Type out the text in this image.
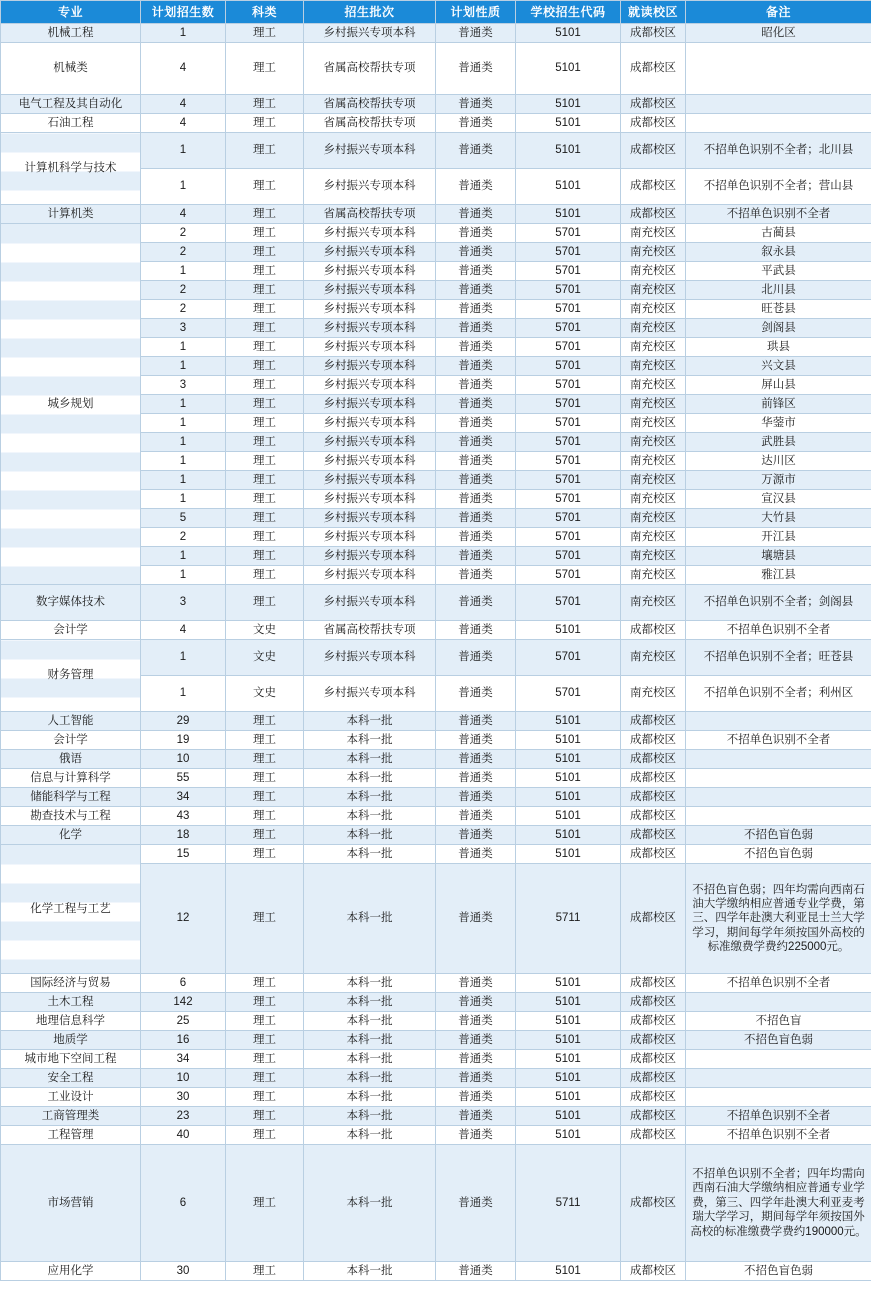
专业	计划招生数	科类	招生批次	计划性质	学校招生代码	就读校区	备注
机械工程	1	理工	乡村振兴专项本科	普通类	5101	成都校区	昭化区
机械类	4	理工	省属高校帮扶专项	普通类	5101	成都校区	
电气工程及其自动化	4	理工	省属高校帮扶专项	普通类	5101	成都校区	
石油工程	4	理工	省属高校帮扶专项	普通类	5101	成都校区	
计算机科学与技术	1	理工	乡村振兴专项本科	普通类	5101	成都校区	不招单色识别不全者；北川县
	1	理工	乡村振兴专项本科	普通类	5101	成都校区	不招单色识别不全者；营山县
计算机类	4	理工	省属高校帮扶专项	普通类	5101	成都校区	不招单色识别不全者
城乡规划	2	理工	乡村振兴专项本科	普通类	5701	南充校区	古蔺县
	2	理工	乡村振兴专项本科	普通类	5701	南充校区	叙永县
	1	理工	乡村振兴专项本科	普通类	5701	南充校区	平武县
	2	理工	乡村振兴专项本科	普通类	5701	南充校区	北川县
	2	理工	乡村振兴专项本科	普通类	5701	南充校区	旺苍县
	3	理工	乡村振兴专项本科	普通类	5701	南充校区	剑阁县
	1	理工	乡村振兴专项本科	普通类	5701	南充校区	珙县
	1	理工	乡村振兴专项本科	普通类	5701	南充校区	兴文县
	3	理工	乡村振兴专项本科	普通类	5701	南充校区	屏山县
	1	理工	乡村振兴专项本科	普通类	5701	南充校区	前锋区
	1	理工	乡村振兴专项本科	普通类	5701	南充校区	华蓥市
	1	理工	乡村振兴专项本科	普通类	5701	南充校区	武胜县
	1	理工	乡村振兴专项本科	普通类	5701	南充校区	达川区
	1	理工	乡村振兴专项本科	普通类	5701	南充校区	万源市
	1	理工	乡村振兴专项本科	普通类	5701	南充校区	宣汉县
	5	理工	乡村振兴专项本科	普通类	5701	南充校区	大竹县
	2	理工	乡村振兴专项本科	普通类	5701	南充校区	开江县
	1	理工	乡村振兴专项本科	普通类	5701	南充校区	壤塘县
	1	理工	乡村振兴专项本科	普通类	5701	南充校区	雅江县
数字媒体技术	3	理工	乡村振兴专项本科	普通类	5701	南充校区	不招单色识别不全者；剑阁县
会计学	4	文史	省属高校帮扶专项	普通类	5101	成都校区	不招单色识别不全者
财务管理	1	文史	乡村振兴专项本科	普通类	5701	南充校区	不招单色识别不全者；旺苍县
	1	文史	乡村振兴专项本科	普通类	5701	南充校区	不招单色识别不全者；利州区
人工智能	29	理工	本科一批	普通类	5101	成都校区	
会计学	19	理工	本科一批	普通类	5101	成都校区	不招单色识别不全者
俄语	10	理工	本科一批	普通类	5101	成都校区	
信息与计算科学	55	理工	本科一批	普通类	5101	成都校区	
储能科学与工程	34	理工	本科一批	普通类	5101	成都校区	
勘查技术与工程	43	理工	本科一批	普通类	5101	成都校区	
化学	18	理工	本科一批	普通类	5101	成都校区	不招色盲色弱
化学工程与工艺	15	理工	本科一批	普通类	5101	成都校区	不招色盲色弱
	12	理工	本科一批	普通类	5711	成都校区	不招色盲色弱；四年均需向西南石油大学缴纳相应普通专业学费，第三、四学年赴澳大利亚昆士兰大学学习，期间每学年须按国外高校的标准缴费学费约225000元。
国际经济与贸易	6	理工	本科一批	普通类	5101	成都校区	不招单色识别不全者
土木工程	142	理工	本科一批	普通类	5101	成都校区	
地理信息科学	25	理工	本科一批	普通类	5101	成都校区	不招色盲
地质学	16	理工	本科一批	普通类	5101	成都校区	不招色盲色弱
城市地下空间工程	34	理工	本科一批	普通类	5101	成都校区	
安全工程	10	理工	本科一批	普通类	5101	成都校区	
工业设计	30	理工	本科一批	普通类	5101	成都校区	
工商管理类	23	理工	本科一批	普通类	5101	成都校区	不招单色识别不全者
工程管理	40	理工	本科一批	普通类	5101	成都校区	不招单色识别不全者
市场营销	6	理工	本科一批	普通类	5711	成都校区	不招单色识别不全者；四年均需向西南石油大学缴纳相应普通专业学费，第三、四学年赴澳大利亚麦考瑞大学学习，期间每学年须按国外高校的标准缴费学费约190000元。
应用化学	30	理工	本科一批	普通类	5101	成都校区	不招色盲色弱
